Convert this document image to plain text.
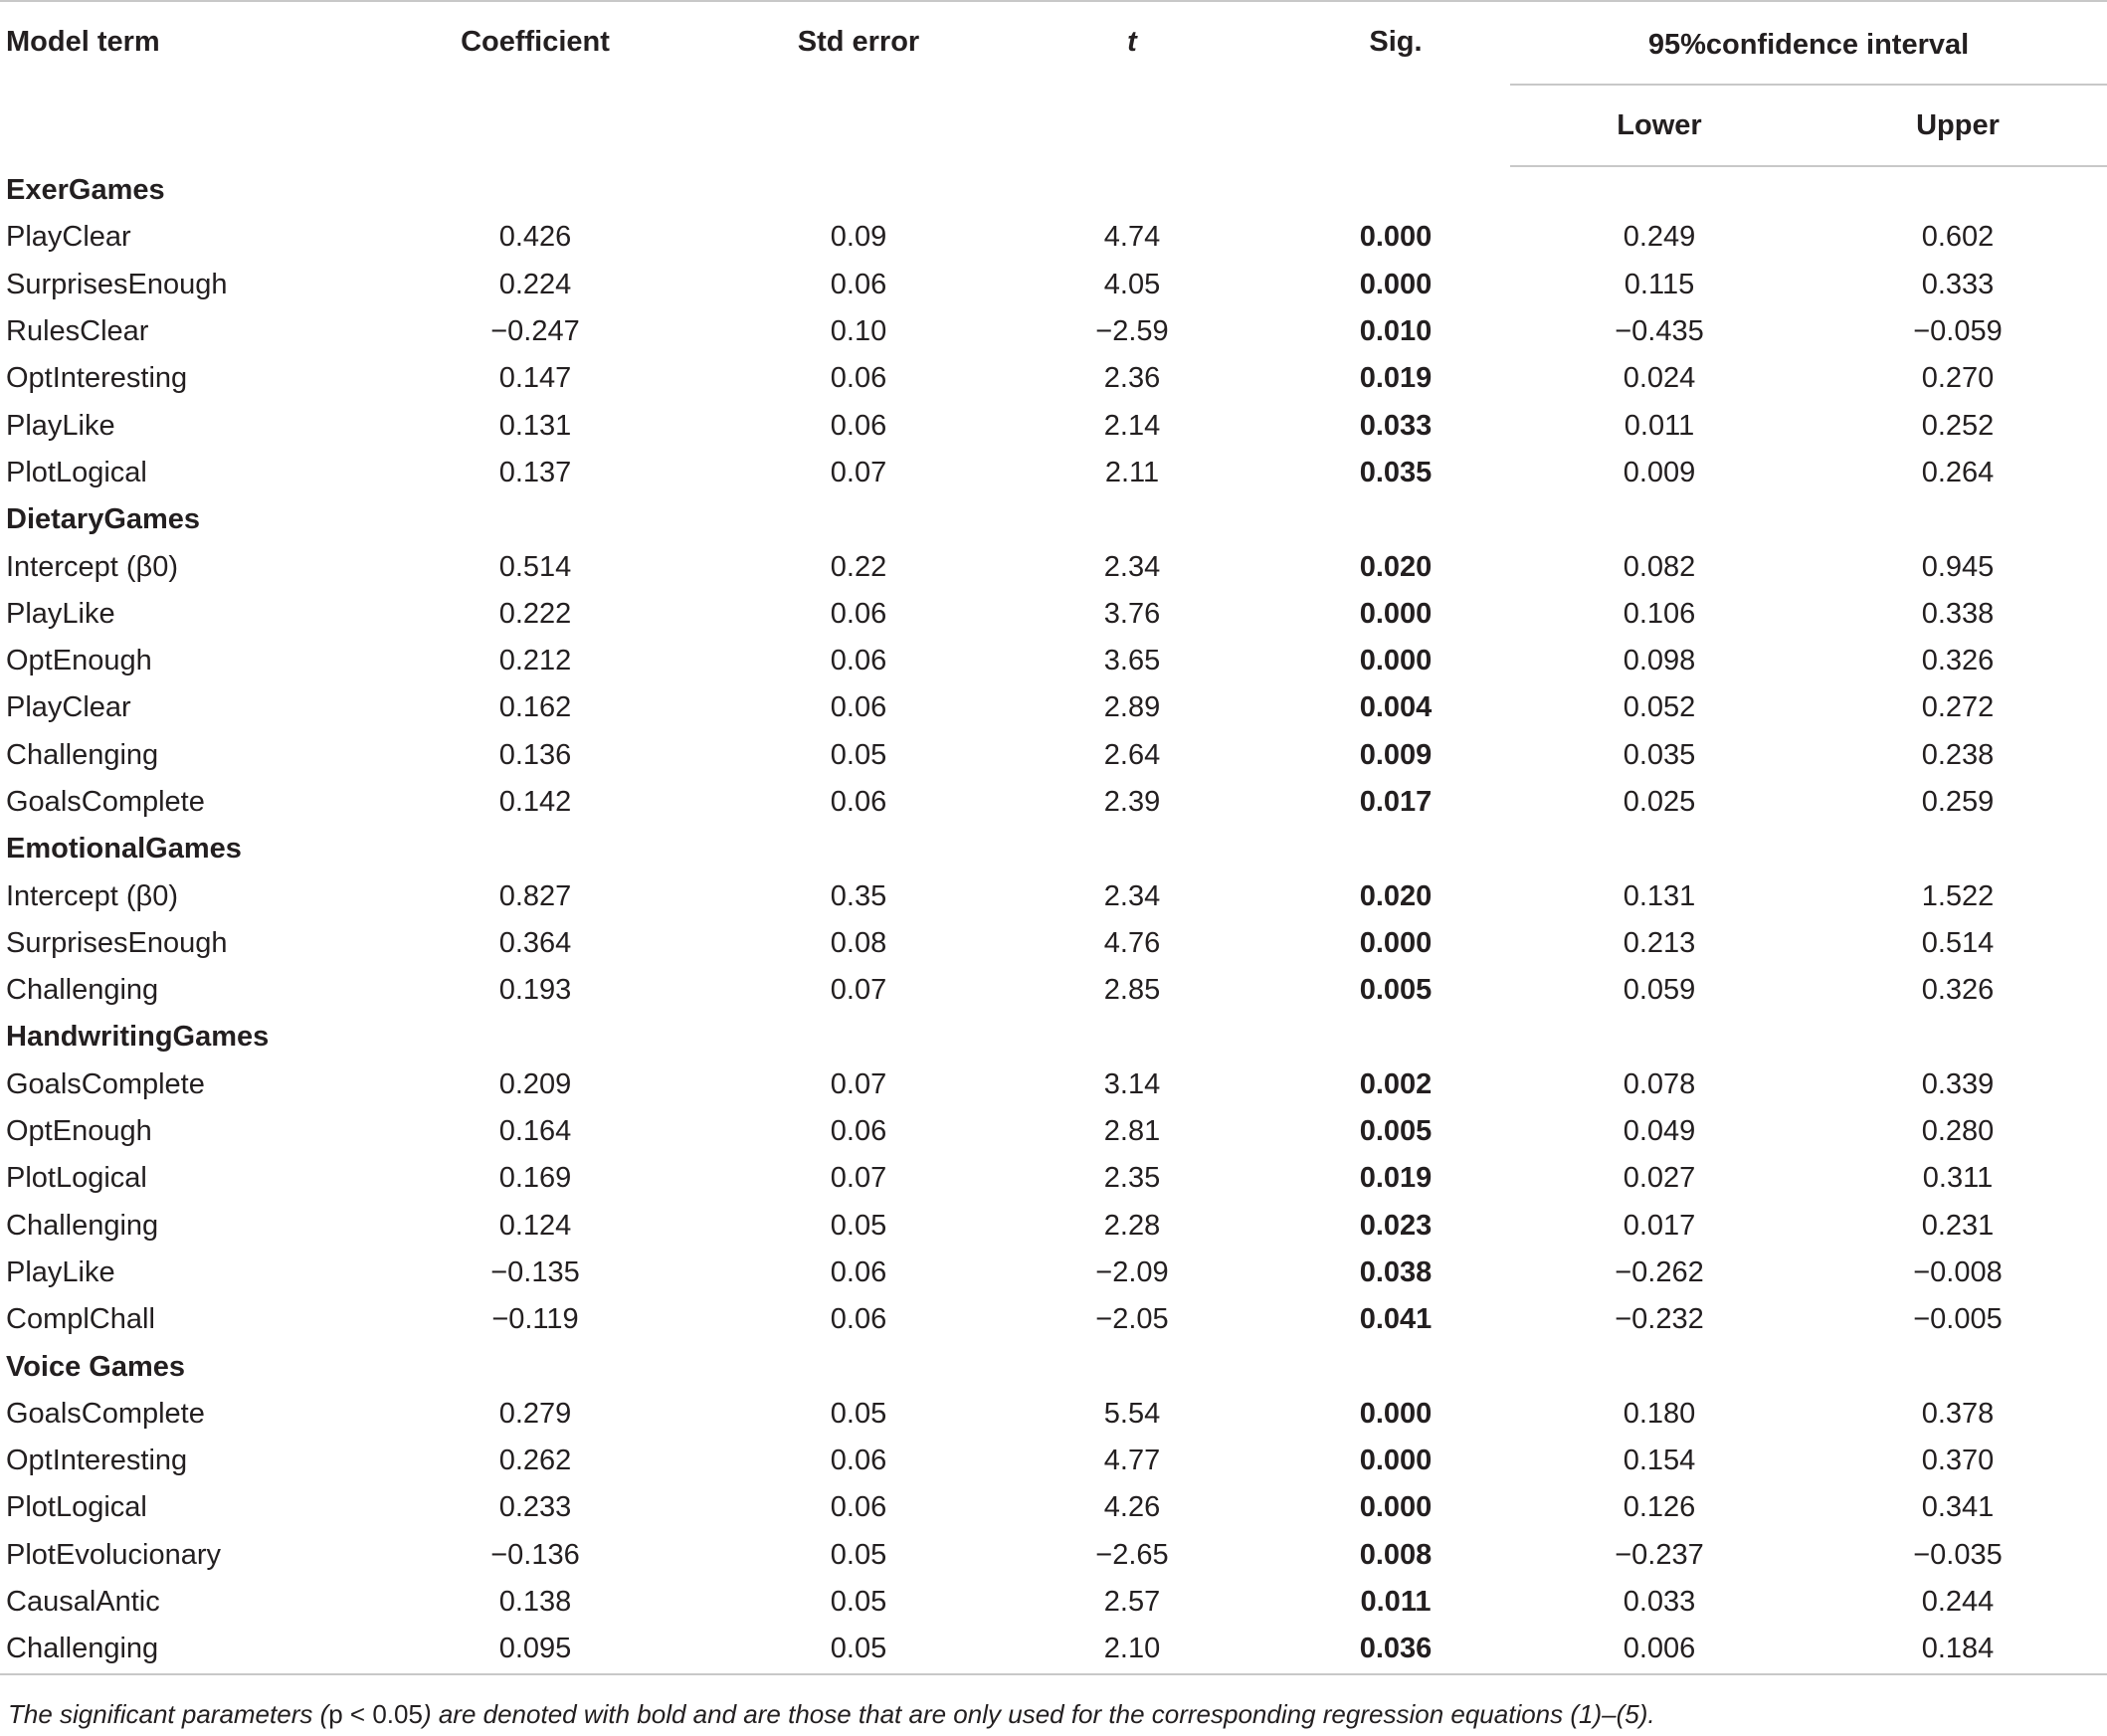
Model term	Coefficient	Std error	t	Sig.	95%confidence interval	
					Lower	Upper
ExerGames						
PlayClear	0.426	0.09	4.74	0.000	0.249	0.602
SurprisesEnough	0.224	0.06	4.05	0.000	0.115	0.333
RulesClear	−0.247	0.10	−2.59	0.010	−0.435	−0.059
OptInteresting	0.147	0.06	2.36	0.019	0.024	0.270
PlayLike	0.131	0.06	2.14	0.033	0.011	0.252
PlotLogical	0.137	0.07	2.11	0.035	0.009	0.264
DietaryGames						
Intercept (β0)	0.514	0.22	2.34	0.020	0.082	0.945
PlayLike	0.222	0.06	3.76	0.000	0.106	0.338
OptEnough	0.212	0.06	3.65	0.000	0.098	0.326
PlayClear	0.162	0.06	2.89	0.004	0.052	0.272
Challenging	0.136	0.05	2.64	0.009	0.035	0.238
GoalsComplete	0.142	0.06	2.39	0.017	0.025	0.259
EmotionalGames						
Intercept (β0)	0.827	0.35	2.34	0.020	0.131	1.522
SurprisesEnough	0.364	0.08	4.76	0.000	0.213	0.514
Challenging	0.193	0.07	2.85	0.005	0.059	0.326
HandwritingGames						
GoalsComplete	0.209	0.07	3.14	0.002	0.078	0.339
OptEnough	0.164	0.06	2.81	0.005	0.049	0.280
PlotLogical	0.169	0.07	2.35	0.019	0.027	0.311
Challenging	0.124	0.05	2.28	0.023	0.017	0.231
PlayLike	−0.135	0.06	−2.09	0.038	−0.262	−0.008
ComplChall	−0.119	0.06	−2.05	0.041	−0.232	−0.005
Voice Games						
GoalsComplete	0.279	0.05	5.54	0.000	0.180	0.378
OptInteresting	0.262	0.06	4.77	0.000	0.154	0.370
PlotLogical	0.233	0.06	4.26	0.000	0.126	0.341
PlotEvolucionary	−0.136	0.05	−2.65	0.008	−0.237	−0.035
CausalAntic	0.138	0.05	2.57	0.011	0.033	0.244
Challenging	0.095	0.05	2.10	0.036	0.006	0.184
The significant parameters (p < 0.05) are denoted with bold and are those that are only used for the corresponding regression equations (1)–(5).
